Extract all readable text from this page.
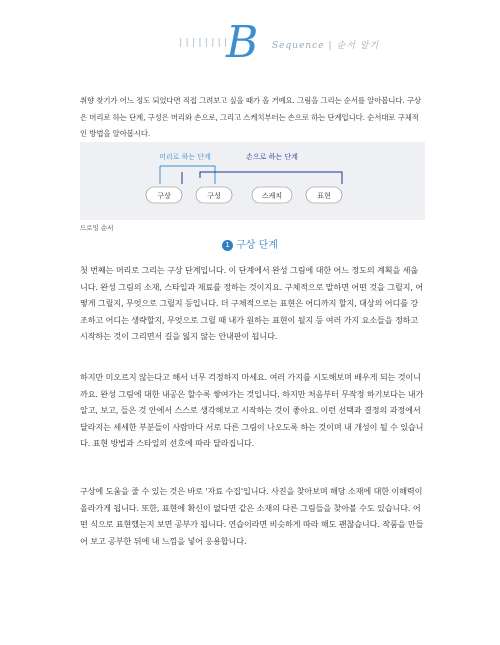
||||||||
B Sequence | 순서 알기
취향 찾기가 어느 정도 되었다면 직접 그려보고 싶을 때가 올 거예요. 그림을 그리는 순서를 알아봅니다. 구상은 머리로 하는 단계, 구성은 머리와 손으로, 그리고 스케치부터는 손으로 하는 단계입니다. 순서대로 구체적인 방법을 알아봅시다.
머리로 하는 단계	손으로 하는 단계
구상	구성	스케치	표현
드로잉 순서
1 구상 단계
첫 번째는 머리로 그리는 구상 단계입니다. 이 단계에서 완성 그림에 대한 어느 정도의 계획을 세웁니다. 완성 그림의 소재, 스타일과 재료를 정하는 것이지요. 구체적으로 말하면 어떤 것을 그릴지, 어떻게 그릴지, 무엇으로 그릴지 등입니다. 더 구체적으로는 표현은 어디까지 할지, 대상의 어디를 강조하고 어디는 생략할지, 무엇으로 그릴 때 내가 원하는 표현이 될지 등 여러 가지 요소들을 정하고 시작하는 것이 그리면서 길을 잃지 않는 안내판이 됩니다.
하지만 미오르지 않는다고 해서 너무 걱정하지 마세요. 여러 가지를 시도해보며 배우게 되는 것이니까요. 완성 그림에 대한 내공은 할수록 쌓여가는 것입니다. 하지만 처음부터 무작정 하기보다는 내가 알고, 보고, 들은 것 안에서 스스로 생각해보고 시작하는 것이 좋아요. 이런 선택과 결정의 과정에서 달라지는 세세한 부분들이 사람마다 서로 다른 그림이 나오도록 하는 것이며 내 개성이 될 수 있습니다. 표현 방법과 스타일의 선호에 따라 달라집니다.
구상에 도움을 줄 수 있는 것은 바로 '자료 수집'입니다. 사진을 찾아보며 해당 소재에 대한 이해력이 올라가게 됩니다. 또한, 표현에 확신이 없다면 같은 소재의 다른 그림들을 찾아볼 수도 있습니다. 어떤 식으로 표현했는지 보면 공부가 됩니다. 연습이라면 비슷하게 따라 해도 괜찮습니다. 작품을 만들어 보고 공부한 뒤에 내 느낌을 넣어 응용합니다.
